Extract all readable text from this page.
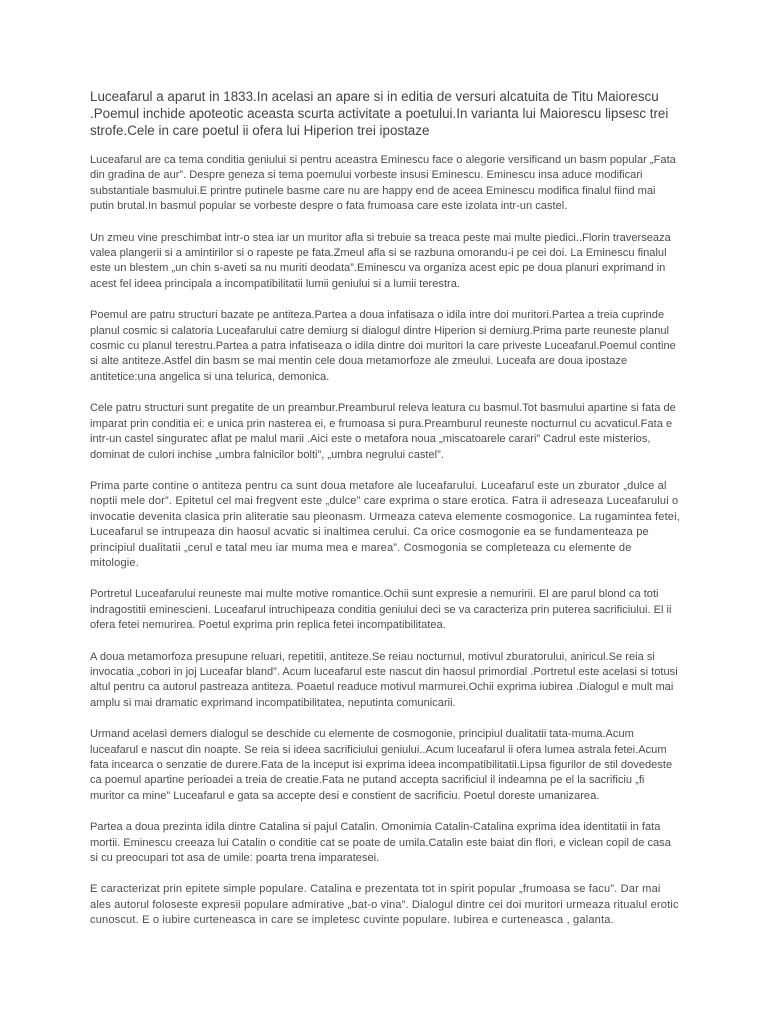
Luceafarul a aparut in 1833.In acelasi an apare si in editia de versuri alcatuita de Titu Maiorescu .Poemul inchide apoteotic aceasta scurta activitate a poetului.In varianta lui Maiorescu lipsesc trei strofe.Cele in care poetul ii ofera lui Hiperion trei ipostaze
Luceafarul are ca tema conditia geniului si pentru aceastra Eminescu face o alegorie versificand un basm popular „Fata din gradina de aur”. Despre geneza si tema poemului vorbeste insusi Eminescu. Eminescu insa aduce modificari substantiale basmului.E printre putinele basme care nu are happy end de aceea Eminescu modifica finalul fiind mai putin brutal.In basmul popular se vorbeste despre o fata frumoasa care este izolata intr-un castel.
Un zmeu vine preschimbat intr-o stea iar un muritor afla si trebuie sa treaca peste mai multe piedici..Florin traverseaza valea plangerii si a amintirilor si o rapeste pe fata.Zmeul afla si se razbuna omorandu-i pe cei doi. La Eminescu finalul este un blestem „un chin s-aveti sa nu muriti deodata”.Eminescu va organiza acest epic pe doua planuri exprimand in acest fel ideea principala a incompatibilitatii lumii geniului si a lumii terestra.
Poemul are patru structuri bazate pe antiteza.Partea a doua infatisaza o idila intre doi muritori.Partea a treia cuprinde planul cosmic si calatoria Luceafarului catre demiurg si dialogul dintre Hiperion si demiurg.Prima parte reuneste planul cosmic cu planul terestru.Partea a patra infatiseaza o idila dintre doi muritori la care priveste Luceafarul.Poemul contine si alte antiteze.Astfel din basm se mai mentin cele doua metamorfoze ale zmeului. Luceafa are doua ipostaze antitetice:una angelica si una telurica, demonica.
Cele patru structuri sunt pregatite de un preambur.Preamburul releva leatura cu basmul.Tot basmului apartine si fata de imparat prin conditia ei: e unica prin nasterea ei, e frumoasa si pura.Preamburul reuneste nocturnul cu acvaticul.Fata e intr-un castel singuratec aflat pe malul marii .Aici este o metafora noua „miscatoarele carari” Cadrul este misterios, dominat de culori inchise „umbra falnicilor bolti”, „umbra negrului castel”.
Prima parte contine o antiteza pentru ca sunt doua metafore ale luceafarului. Luceafarul este un zburator „dulce al noptii mele dor”. Epitetul cel mai fregvent este „dulce” care exprima o stare erotica. Fatra ii adreseaza Luceafarului o invocatie devenita clasica prin aliteratie sau pleonasm. Urmeaza cateva elemente cosmogonice. La rugamintea fetei, Luceafarul se intrupeaza din haosul acvatic si inaltimea cerului. Ca orice cosmogonie ea se fundamenteaza pe principiul dualitatii „cerul e tatal meu iar muma mea e marea”. Cosmogonia se completeaza cu elemente de mitologie.
Portretul Luceafarului reuneste mai multe motive romantice.Ochii sunt expresie a nemuririi. El are parul blond ca toti indragostitii eminescieni. Luceafarul intruchipeaza conditia geniului deci se va caracteriza prin puterea sacrificiului. El ii ofera fetei nemurirea. Poetul exprima prin replica fetei incompatibilitatea.
A doua metamorfoza presupune reluari, repetitii, antiteze.Se reiau nocturnul, motivul zburatorului, aniricul.Se reia si invocatia „cobori in joj Luceafar bland”. Acum luceafarul este nascut din haosul primordial .Portretul este acelasi si totusi altul pentru ca autorul pastreaza antiteza. Poaetul readuce motivul marmurei.Ochii exprima iubirea .Dialogul e mult mai amplu si mai dramatic exprimand incompatibilitatea, neputinta comunicarii.
Urmand acelasi demers dialogul se deschide cu elemente de cosmogonie, principiul dualitatii tata-muma.Acum luceafarul e nascut din noapte. Se reia si ideea sacrificiului geniului..Acum luceafarul ii ofera lumea astrala fetei.Acum fata incearca o senzatie de durere.Fata de la inceput isi exprima ideea incompatibilitatii.Lipsa figurilor de stil dovedeste ca poemul apartine perioadei a treia de creatie.Fata ne putand accepta sacrificiul il indeamna pe el la sacrificiu „fi muritor ca mine” Luceafarul e gata sa accepte desi e constient de sacrificiu. Poetul doreste umanizarea.
Partea a doua prezinta idila dintre Catalina si pajul Catalin. Omonimia Catalin-Catalina exprima idea identitatii in fata mortii. Eminescu creeaza lui Catalin o conditie cat se poate de umila.Catalin este baiat din flori, e viclean copil de casa si cu preocupari tot asa de umile: poarta trena imparatesei.
E caracterizat prin epitete simple populare. Catalina e prezentata tot in spirit popular „frumoasa se facu”. Dar mai ales autorul foloseste expresii populare admirative „bat-o vina”. Dialogul dintre cei doi muritori urmeaza ritualul erotic cunoscut. E o iubire curteneasca in care se impletesc cuvinte populare. Iubirea e curteneasca , galanta.
